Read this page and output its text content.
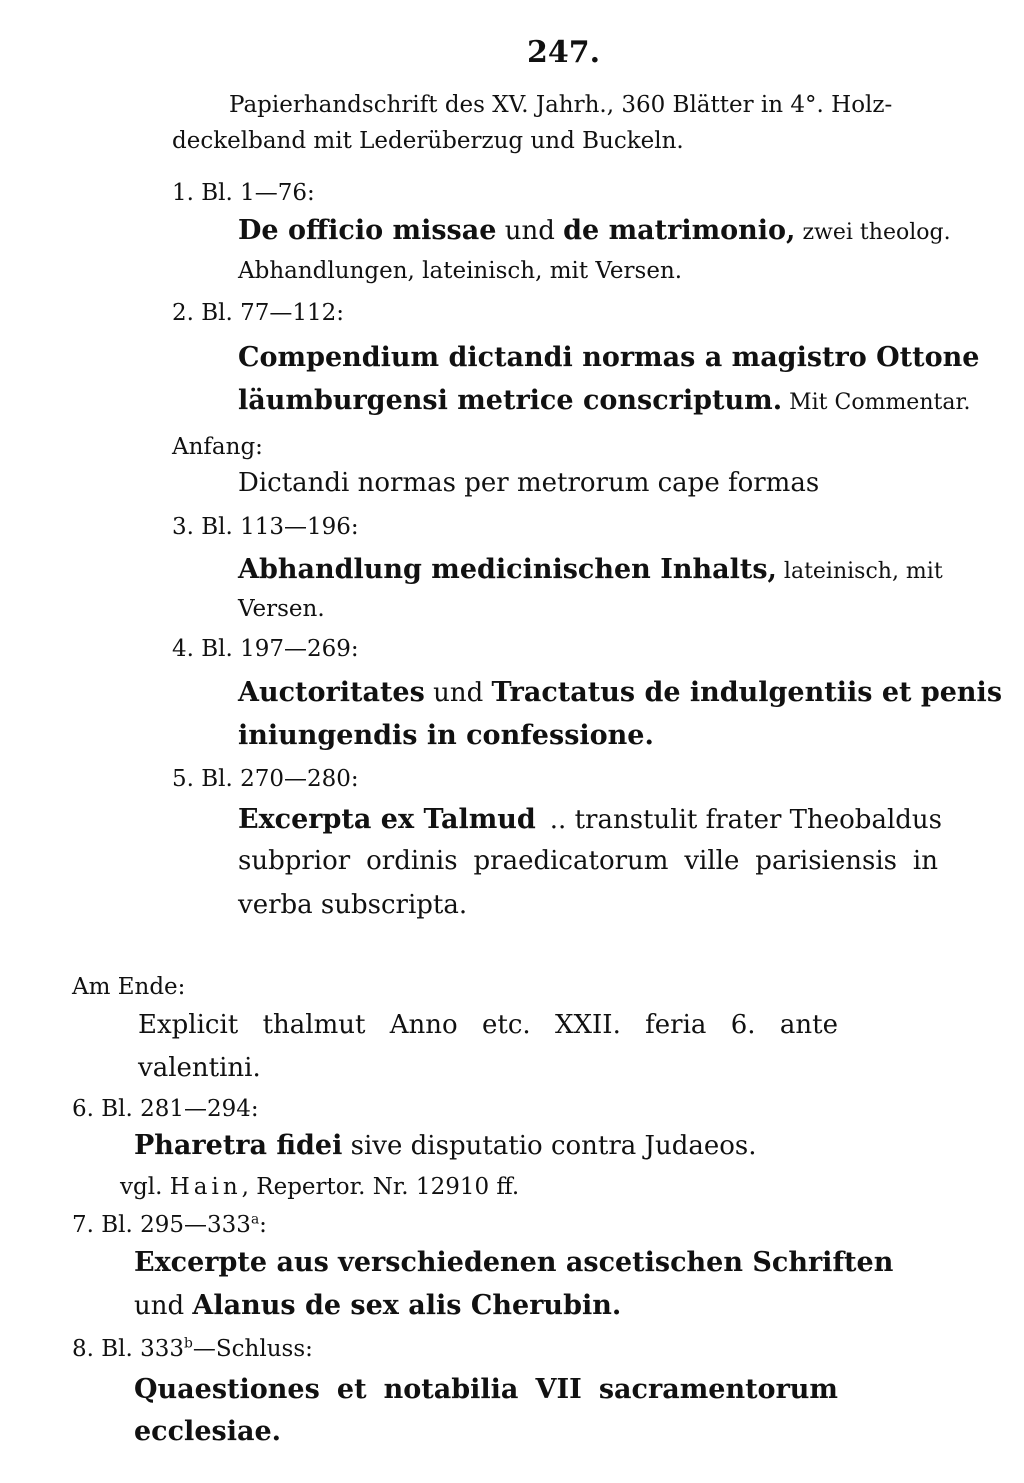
247.
Papierhandschrift des XV. Jahrh., 360 Blätter in 4°. Holz-
deckelband mit Lederüberzug und Buckeln.
1. Bl. 1—76:
De officio missae und de matrimonio, zwei theolog.
Abhandlungen, lateinisch, mit Versen.
2. Bl. 77—112:
Compendium dictandi normas a magistro Ottone
läumburgensi metrice conscriptum. Mit Commentar.
Anfang:
Dictandi normas per metrorum cape formas
3. Bl. 113—196:
Abhandlung medicinischen Inhalts, lateinisch, mit
Versen.
4. Bl. 197—269:
Auctoritates und Tractatus de indulgentiis et penis
iniungendis in confessione.
5. Bl. 270—280:
Excerpta ex Talmud .. transtulit frater Theobaldus
subprior ordinis praedicatorum ville parisiensis in
verba subscripta.
Am Ende:
Explicit thalmut Anno etc. XXII. feria 6. ante
valentini.
6. Bl. 281—294:
Pharetra fidei sive disputatio contra Judaeos.
vgl. Hain, Repertor. Nr. 12910 ff.
7. Bl. 295—333$^a$:
Excerpte aus verschiedenen ascetischen Schriften
und Alanus de sex alis Cherubin.
8. Bl. 333$^b$—Schluss:
Quaestiones et notabilia VII sacramentorum
ecclesiae.
